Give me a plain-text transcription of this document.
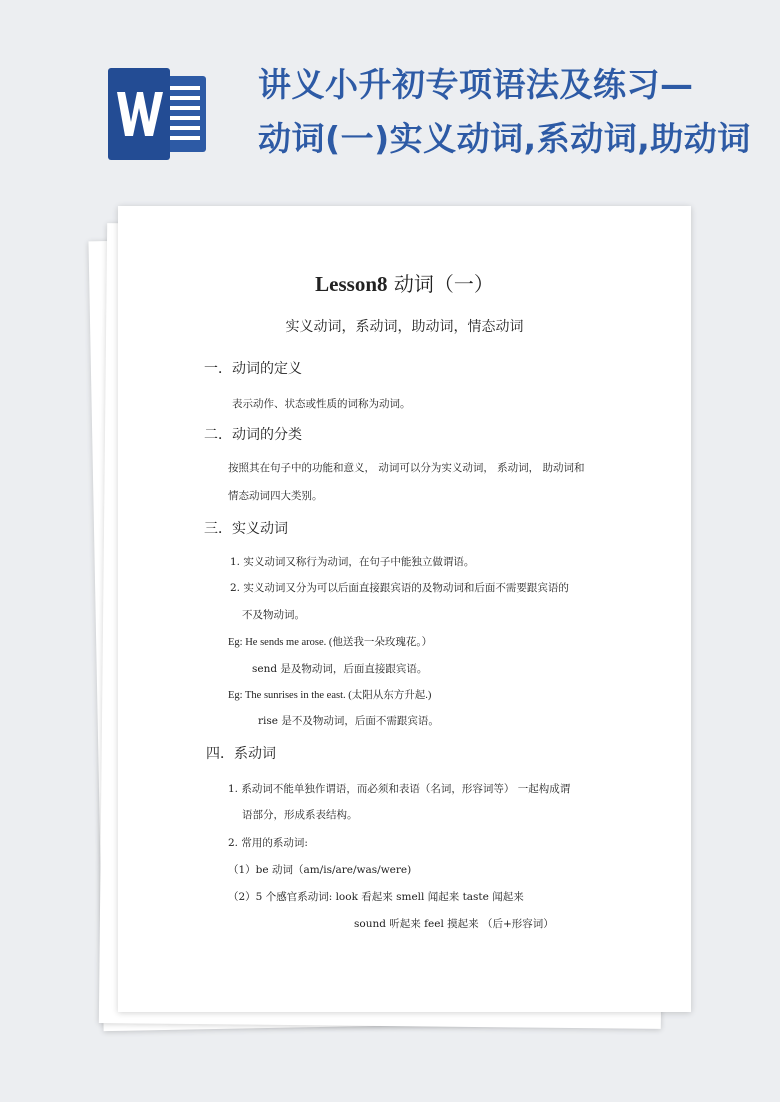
讲义小升初专项语法及练习—
动词(一)实义动词,系动词,助动词
Lesson8 动词（一）
实义动词，系动词，助动词，情态动词
一．动词的定义
表示动作、状态或性质的词称为动词。
二．动词的分类
按照其在句子中的功能和意义， 动词可以分为实义动词， 系动词， 助动词和
情态动词四大类别。
三．实义动词
1. 实义动词又称行为动词，在句子中能独立做谓语。
2. 实义动词又分为可以后面直接跟宾语的及物动词和后面不需要跟宾语的
不及物动词。
Eg: He sends me arose. (他送我一朵玫瑰花。）
send 是及物动词，后面直接跟宾语。
Eg: The sunrises in the east. (太阳从东方升起.)
rise 是不及物动词，后面不需跟宾语。
四．系动词
1. 系动词不能单独作谓语，而必须和表语（名词，形容词等） 一起构成谓
语部分，形成系表结构。
2. 常用的系动词:
（1）be 动词（am/is/are/was/were)
（2）5 个感官系动词: look 看起来 smell 闻起来 taste 闻起来
sound 听起来 feel 摸起来 （后+形容词）
